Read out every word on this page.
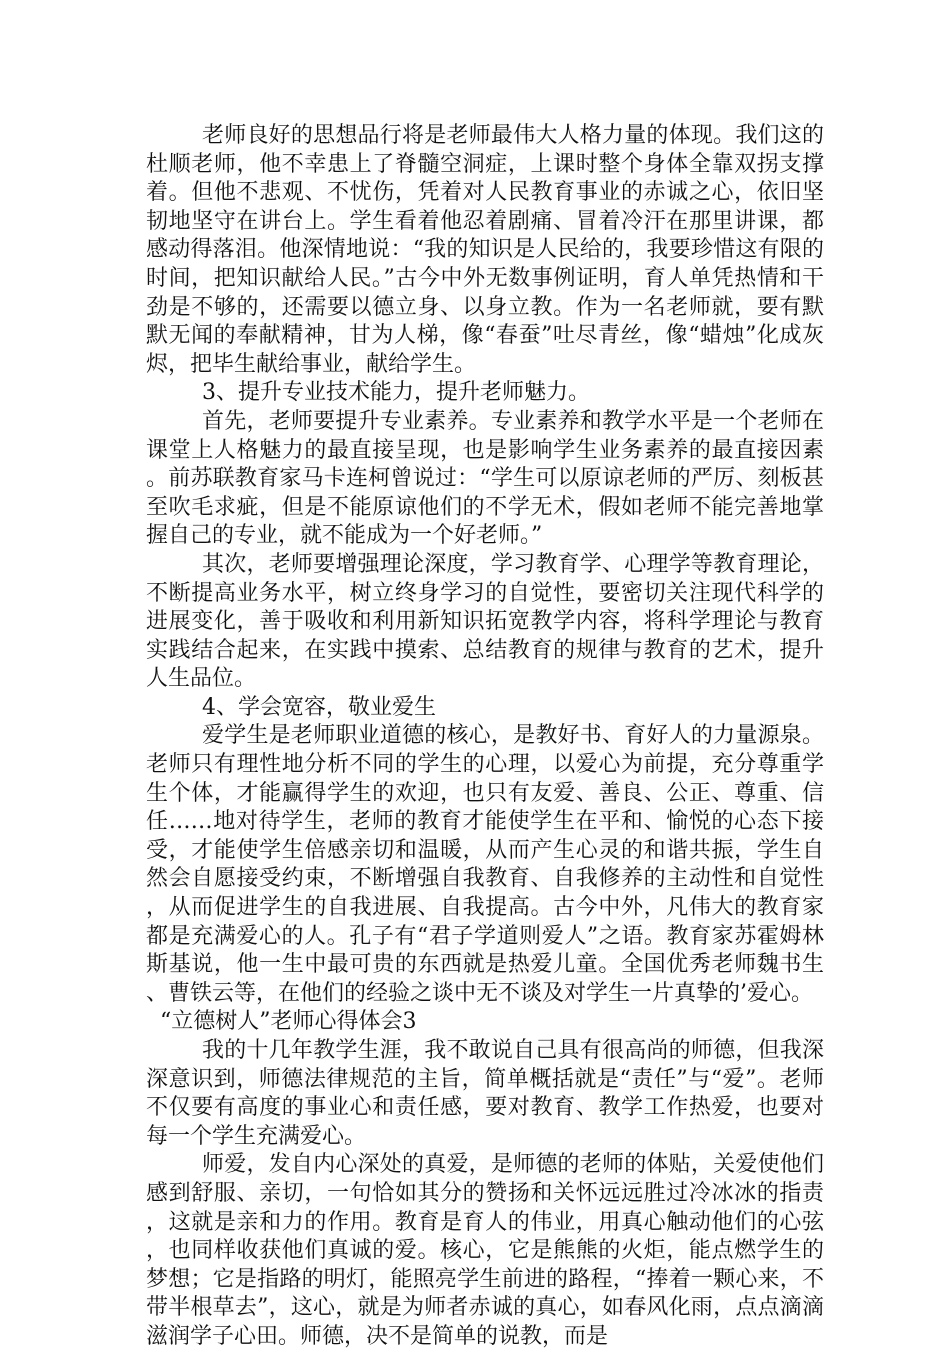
老师良好的思想品行将是老师最伟大人格力量的体现。我们这的杜顺老师，他不幸患上了脊髓空洞症，上课时整个身体全靠双拐支撑着。但他不悲观、不忧伤，凭着对人民教育事业的赤诚之心，依旧坚韧地坚守在讲台上。学生看着他忍着剧痛、冒着冷汗在那里讲课，都感动得落泪。他深情地说：“我的知识是人民给的，我要珍惜这有限的时间，把知识献给人民。”古今中外无数事例证明，育人单凭热情和干劲是不够的，还需要以德立身、以身立教。作为一名老师就，要有默默无闻的奉献精神，甘为人梯，像“春蚕”吐尽青丝，像“蜡烛”化成灰烬，把毕生献给事业，献给学生。

3、提升专业技术能力，提升老师魅力。

首先，老师要提升专业素养。专业素养和教学水平是一个老师在课堂上人格魅力的最直接呈现，也是影响学生业务素养的最直接因素。前苏联教育家马卡连柯曾说过：“学生可以原谅老师的严厉、刻板甚至吹毛求疵，但是不能原谅他们的不学无术，假如老师不能完善地掌握自己的专业，就不能成为一个好老师。”

其次，老师要增强理论深度，学习教育学、心理学等教育理论，不断提高业务水平，树立终身学习的自觉性，要密切关注现代科学的进展变化，善于吸收和利用新知识拓宽教学内容，将科学理论与教育实践结合起来，在实践中摸索、总结教育的规律与教育的艺术，提升人生品位。

4、学会宽容，敬业爱生

爱学生是老师职业道德的核心，是教好书、育好人的力量源泉。老师只有理性地分析不同的学生的心理，以爱心为前提，充分尊重学生个体，才能赢得学生的欢迎，也只有友爱、善良、公正、尊重、信任……地对待学生，老师的教育才能使学生在平和、愉悦的心态下接受，才能使学生倍感亲切和温暖，从而产生心灵的和谐共振，学生自然会自愿接受约束，不断增强自我教育、自我修养的主动性和自觉性，从而促进学生的自我进展、自我提高。古今中外，凡伟大的教育家都是充满爱心的人。孔子有“君子学道则爱人”之语。教育家苏霍姆林斯基说，他一生中最可贵的东西就是热爱儿童。全国优秀老师魏书生、曹铁云等，在他们的经验之谈中无不谈及对学生一片真挚的’爱心。

“立德树人”老师心得体会3

我的十几年教学生涯，我不敢说自己具有很高尚的师德，但我深深意识到，师德法律规范的主旨，简单概括就是“责任”与“爱”。老师不仅要有高度的事业心和责任感，要对教育、教学工作热爱，也要对每一个学生充满爱心。

师爱，发自内心深处的真爱，是师德的老师的体贴，关爱使他们感到舒服、亲切，一句恰如其分的赞扬和关怀远远胜过冷冰冰的指责，这就是亲和力的作用。教育是育人的伟业，用真心触动他们的心弦，也同样收获他们真诚的爱。核心，它是熊熊的火炬，能点燃学生的梦想；它是指路的明灯，能照亮学生前进的路程，“捧着一颗心来，不带半根草去”，这心，就是为师者赤诚的真心，如春风化雨，点点滴滴滋润学子心田。师德，决不是简单的说教，而是
